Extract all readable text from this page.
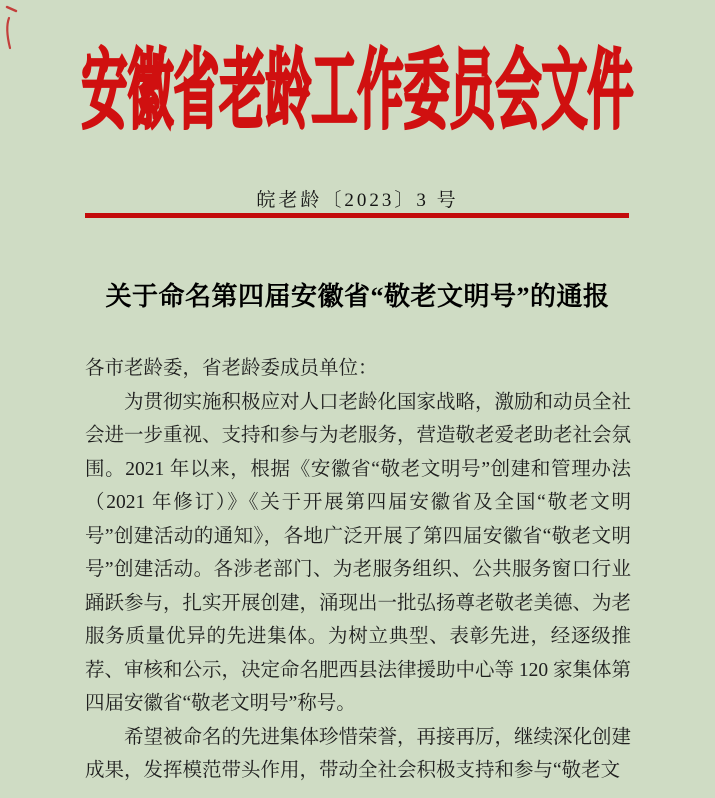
安徽省老龄工作委员会文件
皖老龄〔2023〕3 号
关于命名第四届安徽省“敬老文明号”的通报
各市老龄委，省老龄委成员单位：

为贯彻实施积极应对人口老龄化国家战略，激励和动员全社会进一步重视、支持和参与为老服务，营造敬老爱老助老社会氛围。2021 年以来，根据《安徽省“敬老文明号”创建和管理办法（2021 年修订）》《关于开展第四届安徽省及全国“敬老文明号”创建活动的通知》，各地广泛开展了第四届安徽省“敬老文明号”创建活动。各涉老部门、为老服务组织、公共服务窗口行业踊跃参与，扎实开展创建，涌现出一批弘扬尊老敬老美德、为老服务质量优异的先进集体。为树立典型、表彰先进，经逐级推荐、审核和公示，决定命名肥西县法律援助中心等 120 家集体第四届安徽省“敬老文明号”称号。

希望被命名的先进集体珍惜荣誉，再接再厉，继续深化创建成果，发挥模范带头作用，带动全社会积极支持和参与“敬老文
